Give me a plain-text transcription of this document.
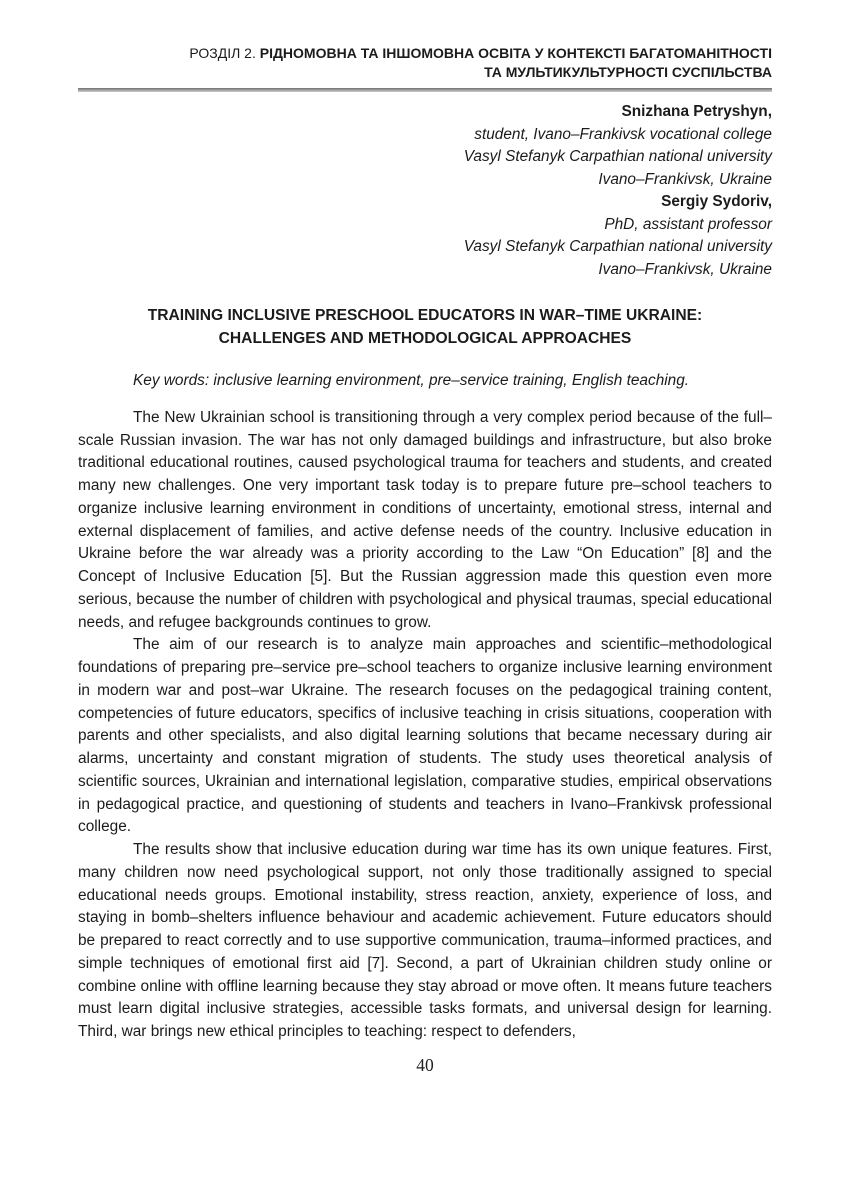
РОЗДІЛ 2. РІДНОМОВНА ТА ІНШОМОВНА ОСВІТА У КОНТЕКСТІ БАГАТОМАНІТНОСТІ
ТА МУЛЬТИКУЛЬТУРНОСТІ СУСПІЛЬСТВА
Snizhana Petryshyn,
student, Ivano–Frankivsk vocational college
Vasyl Stefanyk Carpathian national university
Ivano–Frankivsk, Ukraine
Sergiy Sydoriv,
PhD, assistant professor
Vasyl Stefanyk Carpathian national university
Ivano–Frankivsk, Ukraine
TRAINING INCLUSIVE PRESCHOOL EDUCATORS IN WAR–TIME UKRAINE:
CHALLENGES AND METHODOLOGICAL APPROACHES
Key words: inclusive learning environment, pre–service training, English teaching.
The New Ukrainian school is transitioning through a very complex period because of the full–scale Russian invasion. The war has not only damaged buildings and infrastructure, but also broke traditional educational routines, caused psychological trauma for teachers and students, and created many new challenges. One very important task today is to prepare future pre–school teachers to organize inclusive learning environment in conditions of uncertainty, emotional stress, internal and external displacement of families, and active defense needs of the country. Inclusive education in Ukraine before the war already was a priority according to the Law “On Education” [8] and the Concept of Inclusive Education [5]. But the Russian aggression made this question even more serious, because the number of children with psychological and physical traumas, special educational needs, and refugee backgrounds continues to grow.
The aim of our research is to analyze main approaches and scientific–methodological foundations of preparing pre–service pre–school teachers to organize inclusive learning environment in modern war and post–war Ukraine. The research focuses on the pedagogical training content, competencies of future educators, specifics of inclusive teaching in crisis situations, cooperation with parents and other specialists, and also digital learning solutions that became necessary during air alarms, uncertainty and constant migration of students. The study uses theoretical analysis of scientific sources, Ukrainian and international legislation, comparative studies, empirical observations in pedagogical practice, and questioning of students and teachers in Ivano–Frankivsk professional college.
The results show that inclusive education during war time has its own unique features. First, many children now need psychological support, not only those traditionally assigned to special educational needs groups. Emotional instability, stress reaction, anxiety, experience of loss, and staying in bomb–shelters influence behaviour and academic achievement. Future educators should be prepared to react correctly and to use supportive communication, trauma–informed practices, and simple techniques of emotional first aid [7]. Second, a part of Ukrainian children study online or combine online with offline learning because they stay abroad or move often. It means future teachers must learn digital inclusive strategies, accessible tasks formats, and universal design for learning. Third, war brings new ethical principles to teaching: respect to defenders,
40
